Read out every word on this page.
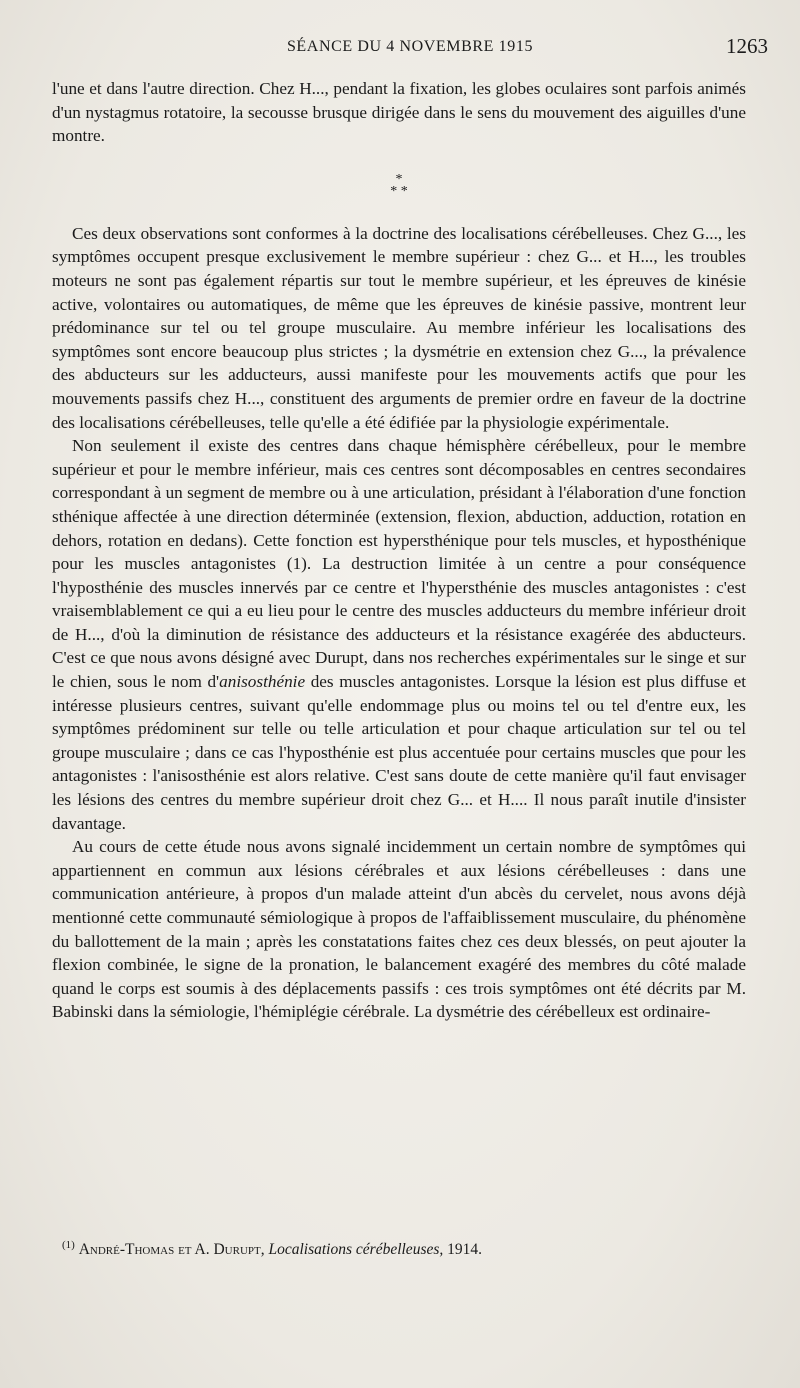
SÉANCE DU 4 NOVEMBRE 1915	1263

l'une et dans l'autre direction. Chez H..., pendant la fixation, les globes oculaires sont parfois animés d'un nystagmus rotatoire, la secousse brusque dirigée dans le sens du mouvement des aiguilles d'une montre.

*
* *

Ces deux observations sont conformes à la doctrine des localisations cérébelleuses. Chez G..., les symptômes occupent presque exclusivement le membre supérieur : chez G... et H..., les troubles moteurs ne sont pas également répartis sur tout le membre supérieur, et les épreuves de kinésie active, volontaires ou automatiques, de même que les épreuves de kinésie passive, montrent leur prédominance sur tel ou tel groupe musculaire. Au membre inférieur les localisations des symptômes sont encore beaucoup plus strictes ; la dysmétrie en extension chez G..., la prévalence des abducteurs sur les adducteurs, aussi manifeste pour les mouvements actifs que pour les mouvements passifs chez H..., constituent des arguments de premier ordre en faveur de la doctrine des localisations cérébelleuses, telle qu'elle a été édifiée par la physiologie expérimentale.

Non seulement il existe des centres dans chaque hémisphère cérébelleux, pour le membre supérieur et pour le membre inférieur, mais ces centres sont décomposables en centres secondaires correspondant à un segment de membre ou à une articulation, présidant à l'élaboration d'une fonction sthénique affectée à une direction déterminée (extension, flexion, abduction, adduction, rotation en dehors, rotation en dedans). Cette fonction est hypersthénique pour tels muscles, et hyposthénique pour les muscles antagonistes (1). La destruction limitée à un centre a pour conséquence l'hyposthénie des muscles innervés par ce centre et l'hypersthénie des muscles antagonistes : c'est vraisemblablement ce qui a eu lieu pour le centre des muscles adducteurs du membre inférieur droit de H..., d'où la diminution de résistance des adducteurs et la résistance exagérée des abducteurs. C'est ce que nous avons désigné avec Durupt, dans nos recherches expérimentales sur le singe et sur le chien, sous le nom d'anisosthénie des muscles antagonistes. Lorsque la lésion est plus diffuse et intéresse plusieurs centres, suivant qu'elle endommage plus ou moins tel ou tel d'entre eux, les symptômes prédominent sur telle ou telle articulation et pour chaque articulation sur tel ou tel groupe musculaire ; dans ce cas l'hyposthénie est plus accentuée pour certains muscles que pour les antagonistes : l'anisosthénie est alors relative. C'est sans doute de cette manière qu'il faut envisager les lésions des centres du membre supérieur droit chez G... et H.... Il nous paraît inutile d'insister davantage.

Au cours de cette étude nous avons signalé incidemment un certain nombre de symptômes qui appartiennent en commun aux lésions cérébrales et aux lésions cérébelleuses : dans une communication antérieure, à propos d'un malade atteint d'un abcès du cervelet, nous avons déjà mentionné cette communauté sémiologique à propos de l'affaiblissement musculaire, du phénomène du ballottement de la main ; après les constatations faites chez ces deux blessés, on peut ajouter la flexion combinée, le signe de la pronation, le balancement exagéré des membres du côté malade quand le corps est soumis à des déplacements passifs : ces trois symptômes ont été décrits par M. Babinski dans la sémiologie, l'hémiplégie cérébrale. La dysmétrie des cérébelleux est ordinaire-

$^{(1)}$ André-Thomas et A. Durupt, Localisations cérébelleuses, 1914.
